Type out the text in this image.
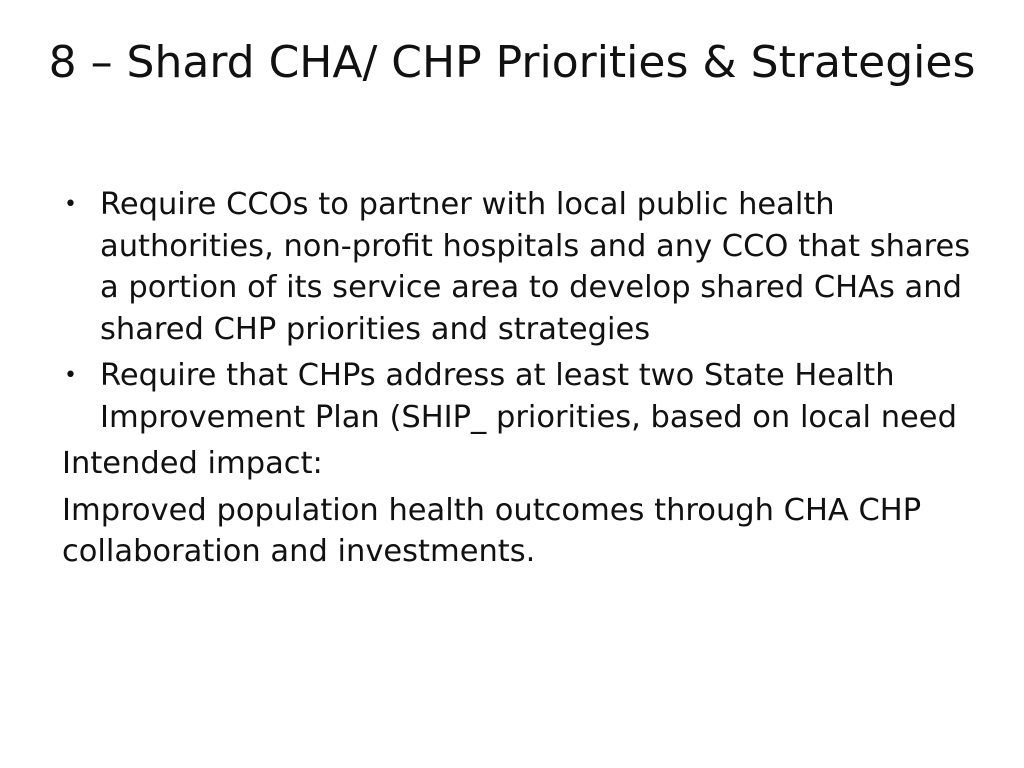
8 – Shard CHA/ CHP Priorities & Strategies
• Require CCOs to partner with local public health authorities, non-profit hospitals and any CCO that shares a portion of its service area to develop shared CHAs and shared CHP priorities and strategies
• Require that CHPs address at least two State Health Improvement Plan (SHIP_ priorities, based on local need
Intended impact:
Improved population health outcomes through CHA CHP collaboration and investments.
